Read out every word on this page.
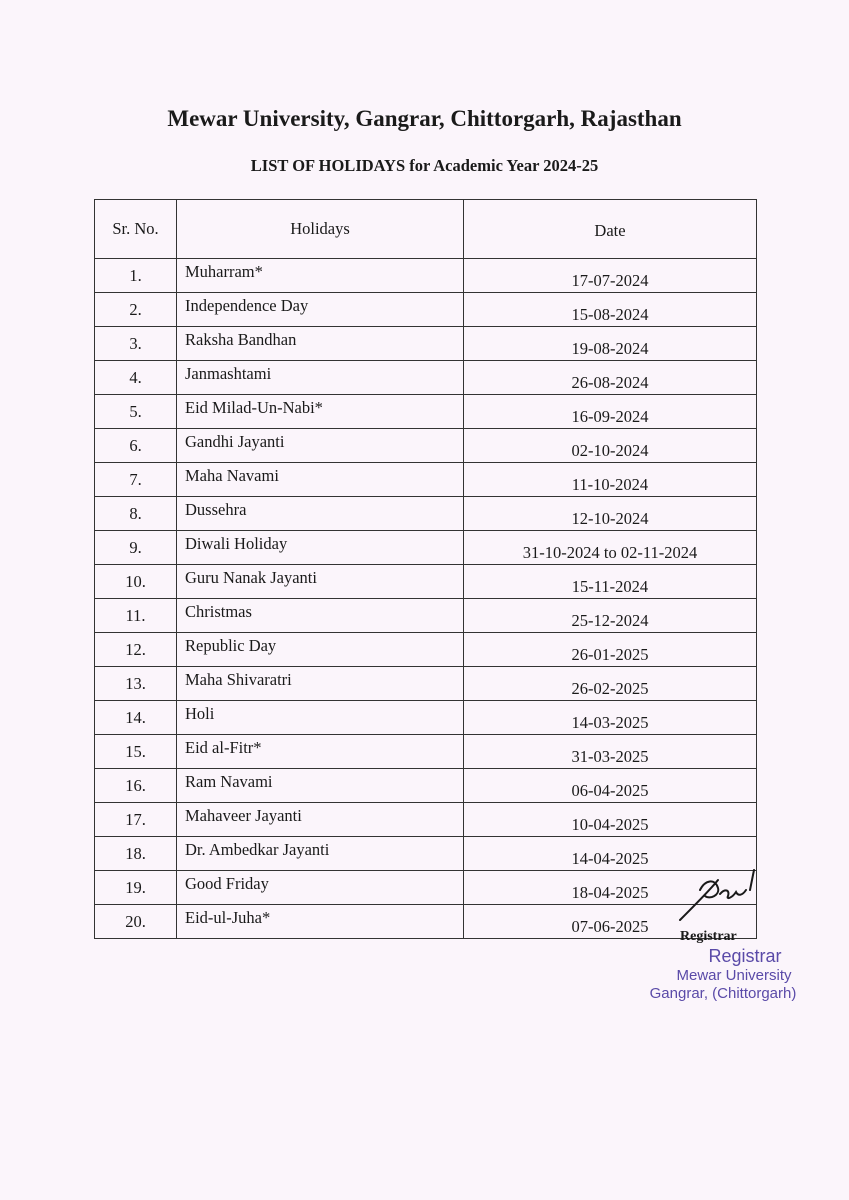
Mewar University, Gangrar, Chittorgarh, Rajasthan
LIST OF HOLIDAYS for Academic Year 2024-25
Sr. No.	Holidays	Date
1.	Muharram*	17-07-2024
2.	Independence Day	15-08-2024
3.	Raksha Bandhan	19-08-2024
4.	Janmashtami	26-08-2024
5.	Eid Milad-Un-Nabi*	16-09-2024
6.	Gandhi Jayanti	02-10-2024
7.	Maha Navami	11-10-2024
8.	Dussehra	12-10-2024
9.	Diwali Holiday	31-10-2024 to 02-11-2024
10.	Guru Nanak Jayanti	15-11-2024
11.	Christmas	25-12-2024
12.	Republic Day	26-01-2025
13.	Maha Shivaratri	26-02-2025
14.	Holi	14-03-2025
15.	Eid al-Fitr*	31-03-2025
16.	Ram Navami	06-04-2025
17.	Mahaveer Jayanti	10-04-2025
18.	Dr. Ambedkar Jayanti	14-04-2025
19.	Good Friday	18-04-2025
20.	Eid-ul-Juha*	07-06-2025
Registrar
Registrar
Mewar University
Gangrar, (Chittorgarh)
